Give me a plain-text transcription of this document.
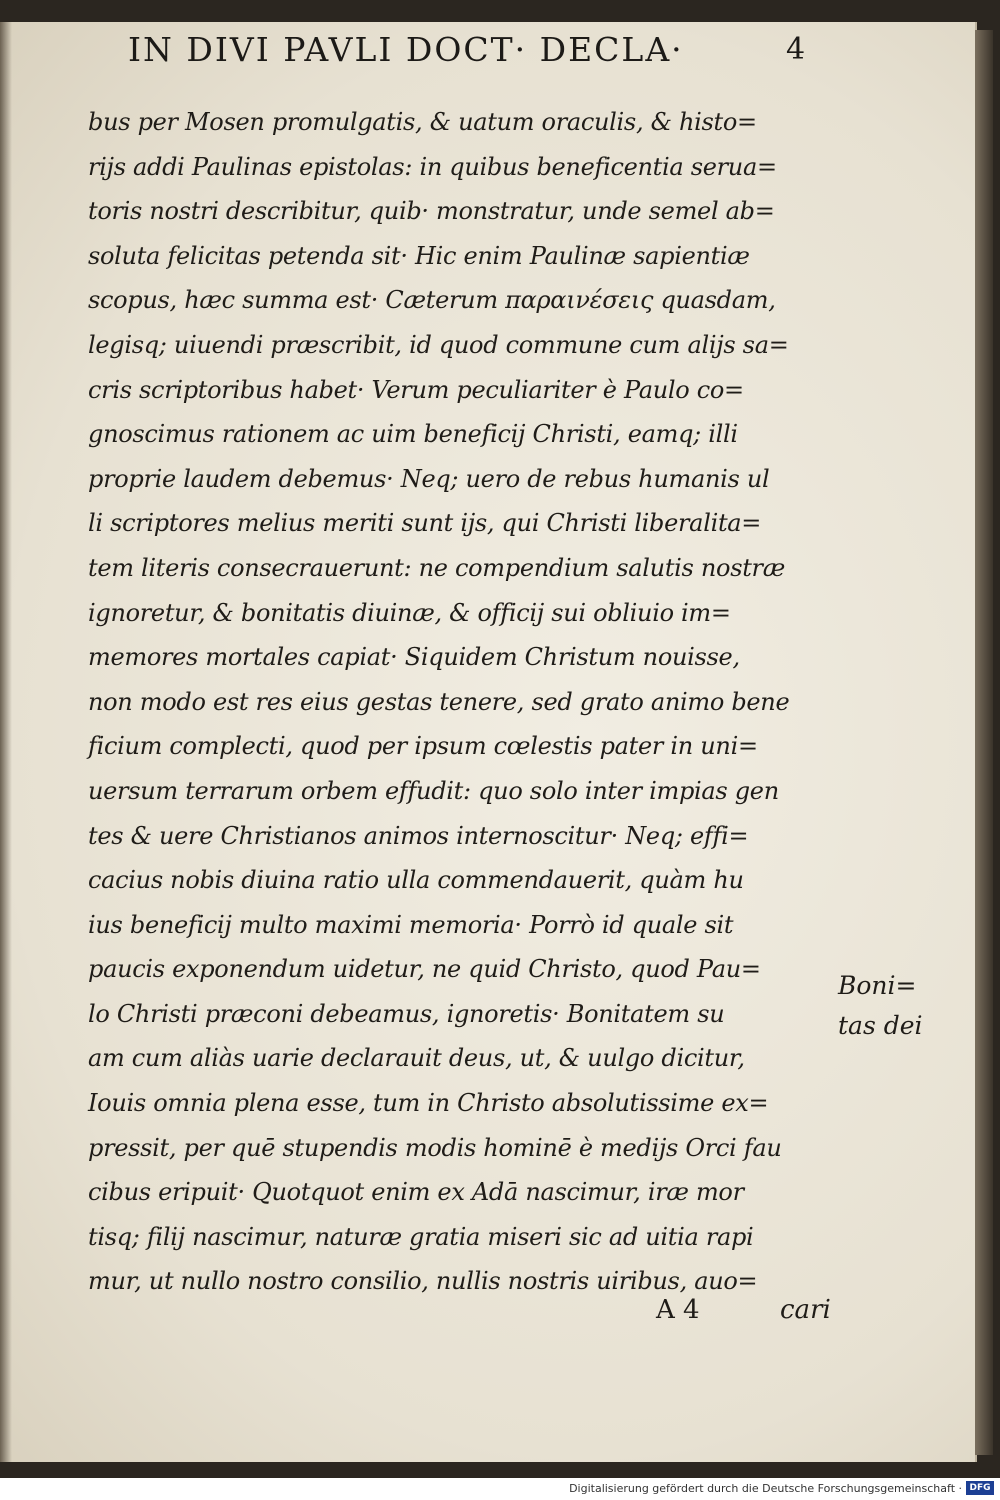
IN DIVI PAVLI DOCT· DECLA·	4
bus per Mosen promulgatis, & uatum oraculis, & histo=
rijs addi Paulinas epistolas: in quibus beneficentia serua=
toris nostri describitur, quib· monstratur, unde semel ab=
soluta felicitas petenda sit· Hic enim Paulinæ sapientiæ
scopus, hæc summa est· Cæterum παραινέσεις quasdam,
legisq; uiuendi præscribit, id quod commune cum alijs sa=
cris scriptoribus habet· Verum peculiariter è Paulo co=
gnoscimus rationem ac uim beneficij Christi, eamq; illi
proprie laudem debemus· Neq; uero de rebus humanis ul
li scriptores melius meriti sunt ijs, qui Christi liberalita=
tem literis consecrauerunt: ne compendium salutis nostræ
ignoretur, & bonitatis diuinæ, & officij sui obliuio im=
memores mortales capiat· Siquidem Christum nouisse,
non modo est res eius gestas tenere, sed grato animo bene
ficium complecti, quod per ipsum cœlestis pater in uni=
uersum terrarum orbem effudit: quo solo inter impias gen
tes & uere Christianos animos internoscitur· Neq; effi=
cacius nobis diuina ratio ulla commendauerit, quàm hu
ius beneficij multo maximi memoria· Porrò id quale sit
paucis exponendum uidetur, ne quid Christo, quod Pau=
lo Christi præconi debeamus, ignoretis· Bonitatem su
am cum aliàs uarie declarauit deus, ut, & uulgo dicitur,
Iouis omnia plena esse, tum in Christo absolutissime ex=
pressit, per quē stupendis modis hominē è medijs Orci fau
cibus eripuit· Quotquot enim ex Adā nascimur, iræ mor
tisq; filij nascimur, naturæ gratia miseri sic ad uitia rapi
mur, ut nullo nostro consilio, nullis nostris uiribus, auo=
Boni=
tas dei
A 4	cari
Digitalisierung gefördert durch die Deutsche Forschungsgemeinschaft · DFG
